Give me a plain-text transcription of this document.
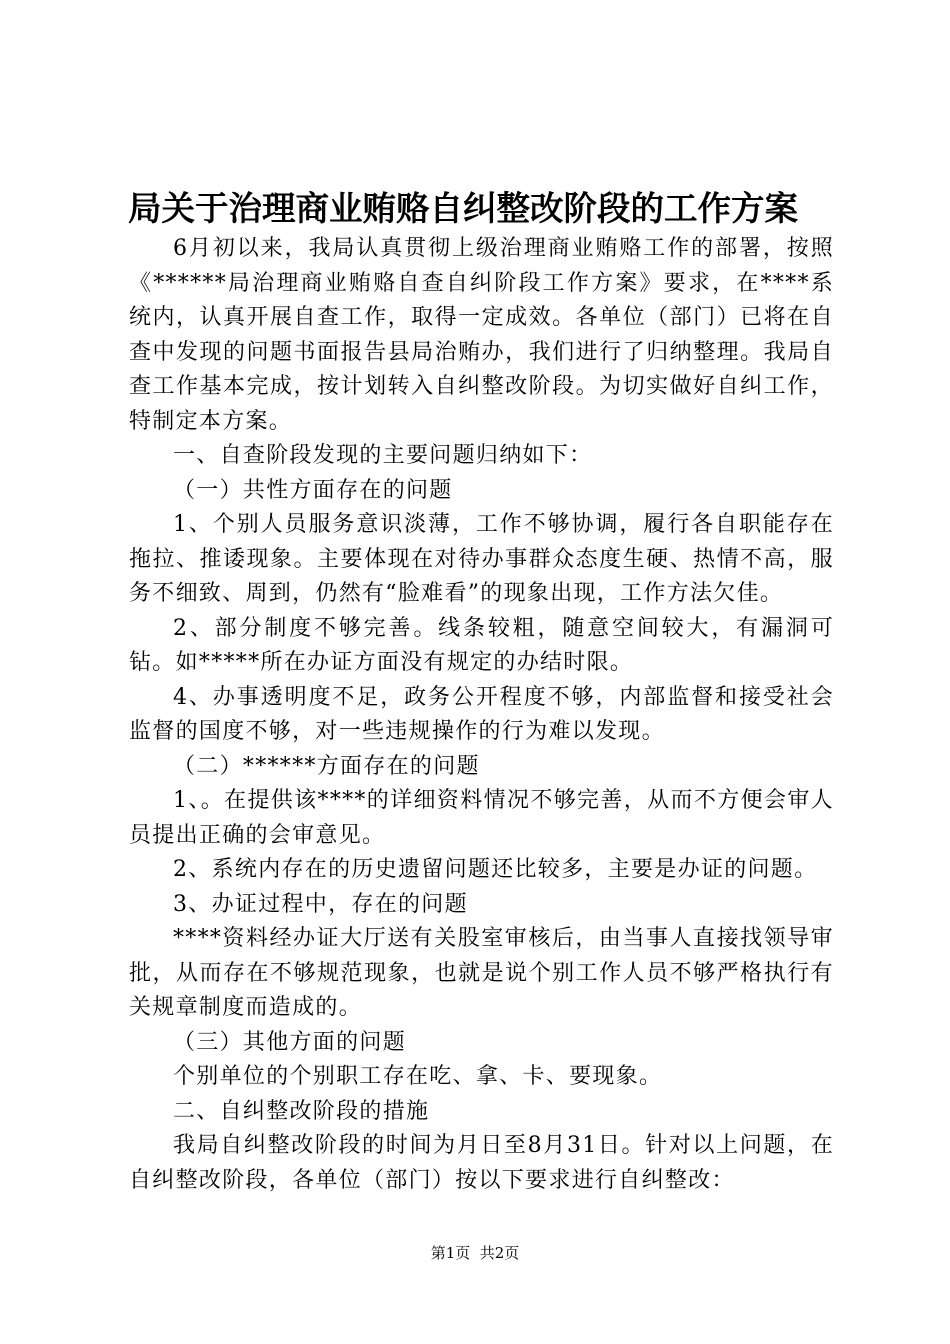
局关于治理商业贿赂自纠整改阶段的工作方案

6月初以来，我局认真贯彻上级治理商业贿赂工作的部署，按照《******局治理商业贿赂自查自纠阶段工作方案》要求，在****系统内，认真开展自查工作，取得一定成效。各单位（部门）已将在自查中发现的问题书面报告县局治贿办，我们进行了归纳整理。我局自查工作基本完成，按计划转入自纠整改阶段。为切实做好自纠工作，特制定本方案。

一、自查阶段发现的主要问题归纳如下：

（一）共性方面存在的问题

1、个别人员服务意识淡薄，工作不够协调，履行各自职能存在拖拉、推诿现象。主要体现在对待办事群众态度生硬、热情不高，服务不细致、周到，仍然有“脸难看”的现象出现，工作方法欠佳。

2、部分制度不够完善。线条较粗，随意空间较大，有漏洞可钻。如*****所在办证方面没有规定的办结时限。

4、办事透明度不足，政务公开程度不够，内部监督和接受社会监督的国度不够，对一些违规操作的行为难以发现。

（二）******方面存在的问题

1、。在提供该****的详细资料情况不够完善，从而不方便会审人员提出正确的会审意见。

2、系统内存在的历史遗留问题还比较多，主要是办证的问题。

3、办证过程中，存在的问题

****资料经办证大厅送有关股室审核后，由当事人直接找领导审批，从而存在不够规范现象，也就是说个别工作人员不够严格执行有关规章制度而造成的。

（三）其他方面的问题

个别单位的个别职工存在吃、拿、卡、要现象。

二、自纠整改阶段的措施

我局自纠整改阶段的时间为月日至8月31日。针对以上问题，在自纠整改阶段，各单位（部门）按以下要求进行自纠整改：

第1页  共2页
